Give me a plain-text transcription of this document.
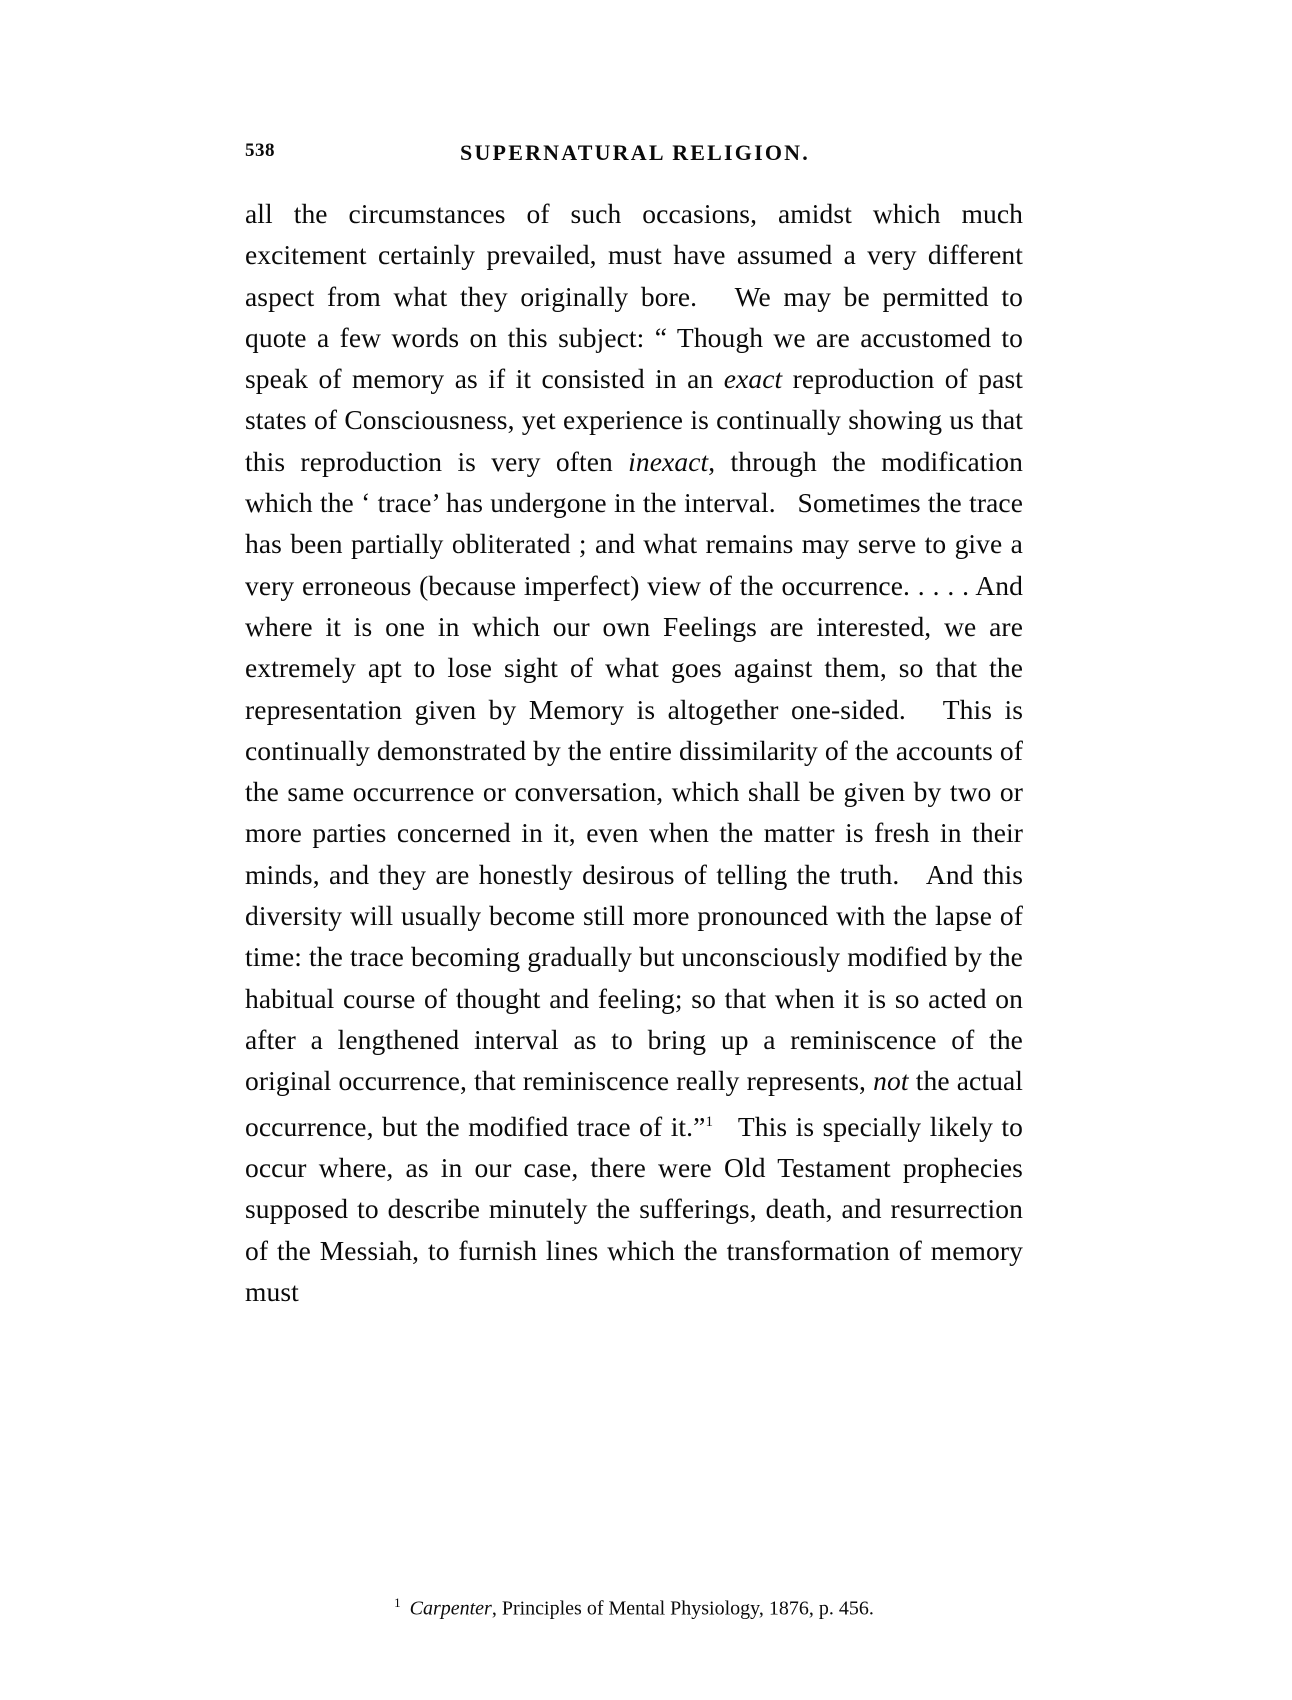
538	SUPERNATURAL RELIGION.

all the circumstances of such occasions, amidst which much excitement certainly prevailed, must have assumed a very different aspect from what they originally bore.   We may be permitted to quote a few words on this subject: “ Though we are accustomed to speak of memory as if it consisted in an exact reproduction of past states of Consciousness, yet experience is continually showing us that this reproduction is very often inexact, through the modification which the ‘ trace’ has undergone in the interval.   Sometimes the trace has been partially obliterated ; and what remains may serve to give a very erroneous (because imperfect) view of the occurrence. . . . . And where it is one in which our own Feelings are interested, we are extremely apt to lose sight of what goes against them, so that the representation given by Memory is altogether one-sided.   This is continually demonstrated by the entire dissimilarity of the accounts of the same occurrence or conversation, which shall be given by two or more parties concerned in it, even when the matter is fresh in their minds, and they are honestly desirous of telling the truth.   And this diversity will usually become still more pronounced with the lapse of time: the trace becoming gradually but unconsciously modified by the habitual course of thought and feeling; so that when it is so acted on after a lengthened interval as to bring up a reminiscence of the original occurrence, that reminiscence really represents, not the actual occurrence, but the modified trace of it.”$^1$   This is specially likely to occur where, as in our case, there were Old Testament prophecies supposed to describe minutely the sufferings, death, and resurrection of the Messiah, to furnish lines which the transformation of memory must

$^1$ Carpenter, Principles of Mental Physiology, 1876, p. 456.
